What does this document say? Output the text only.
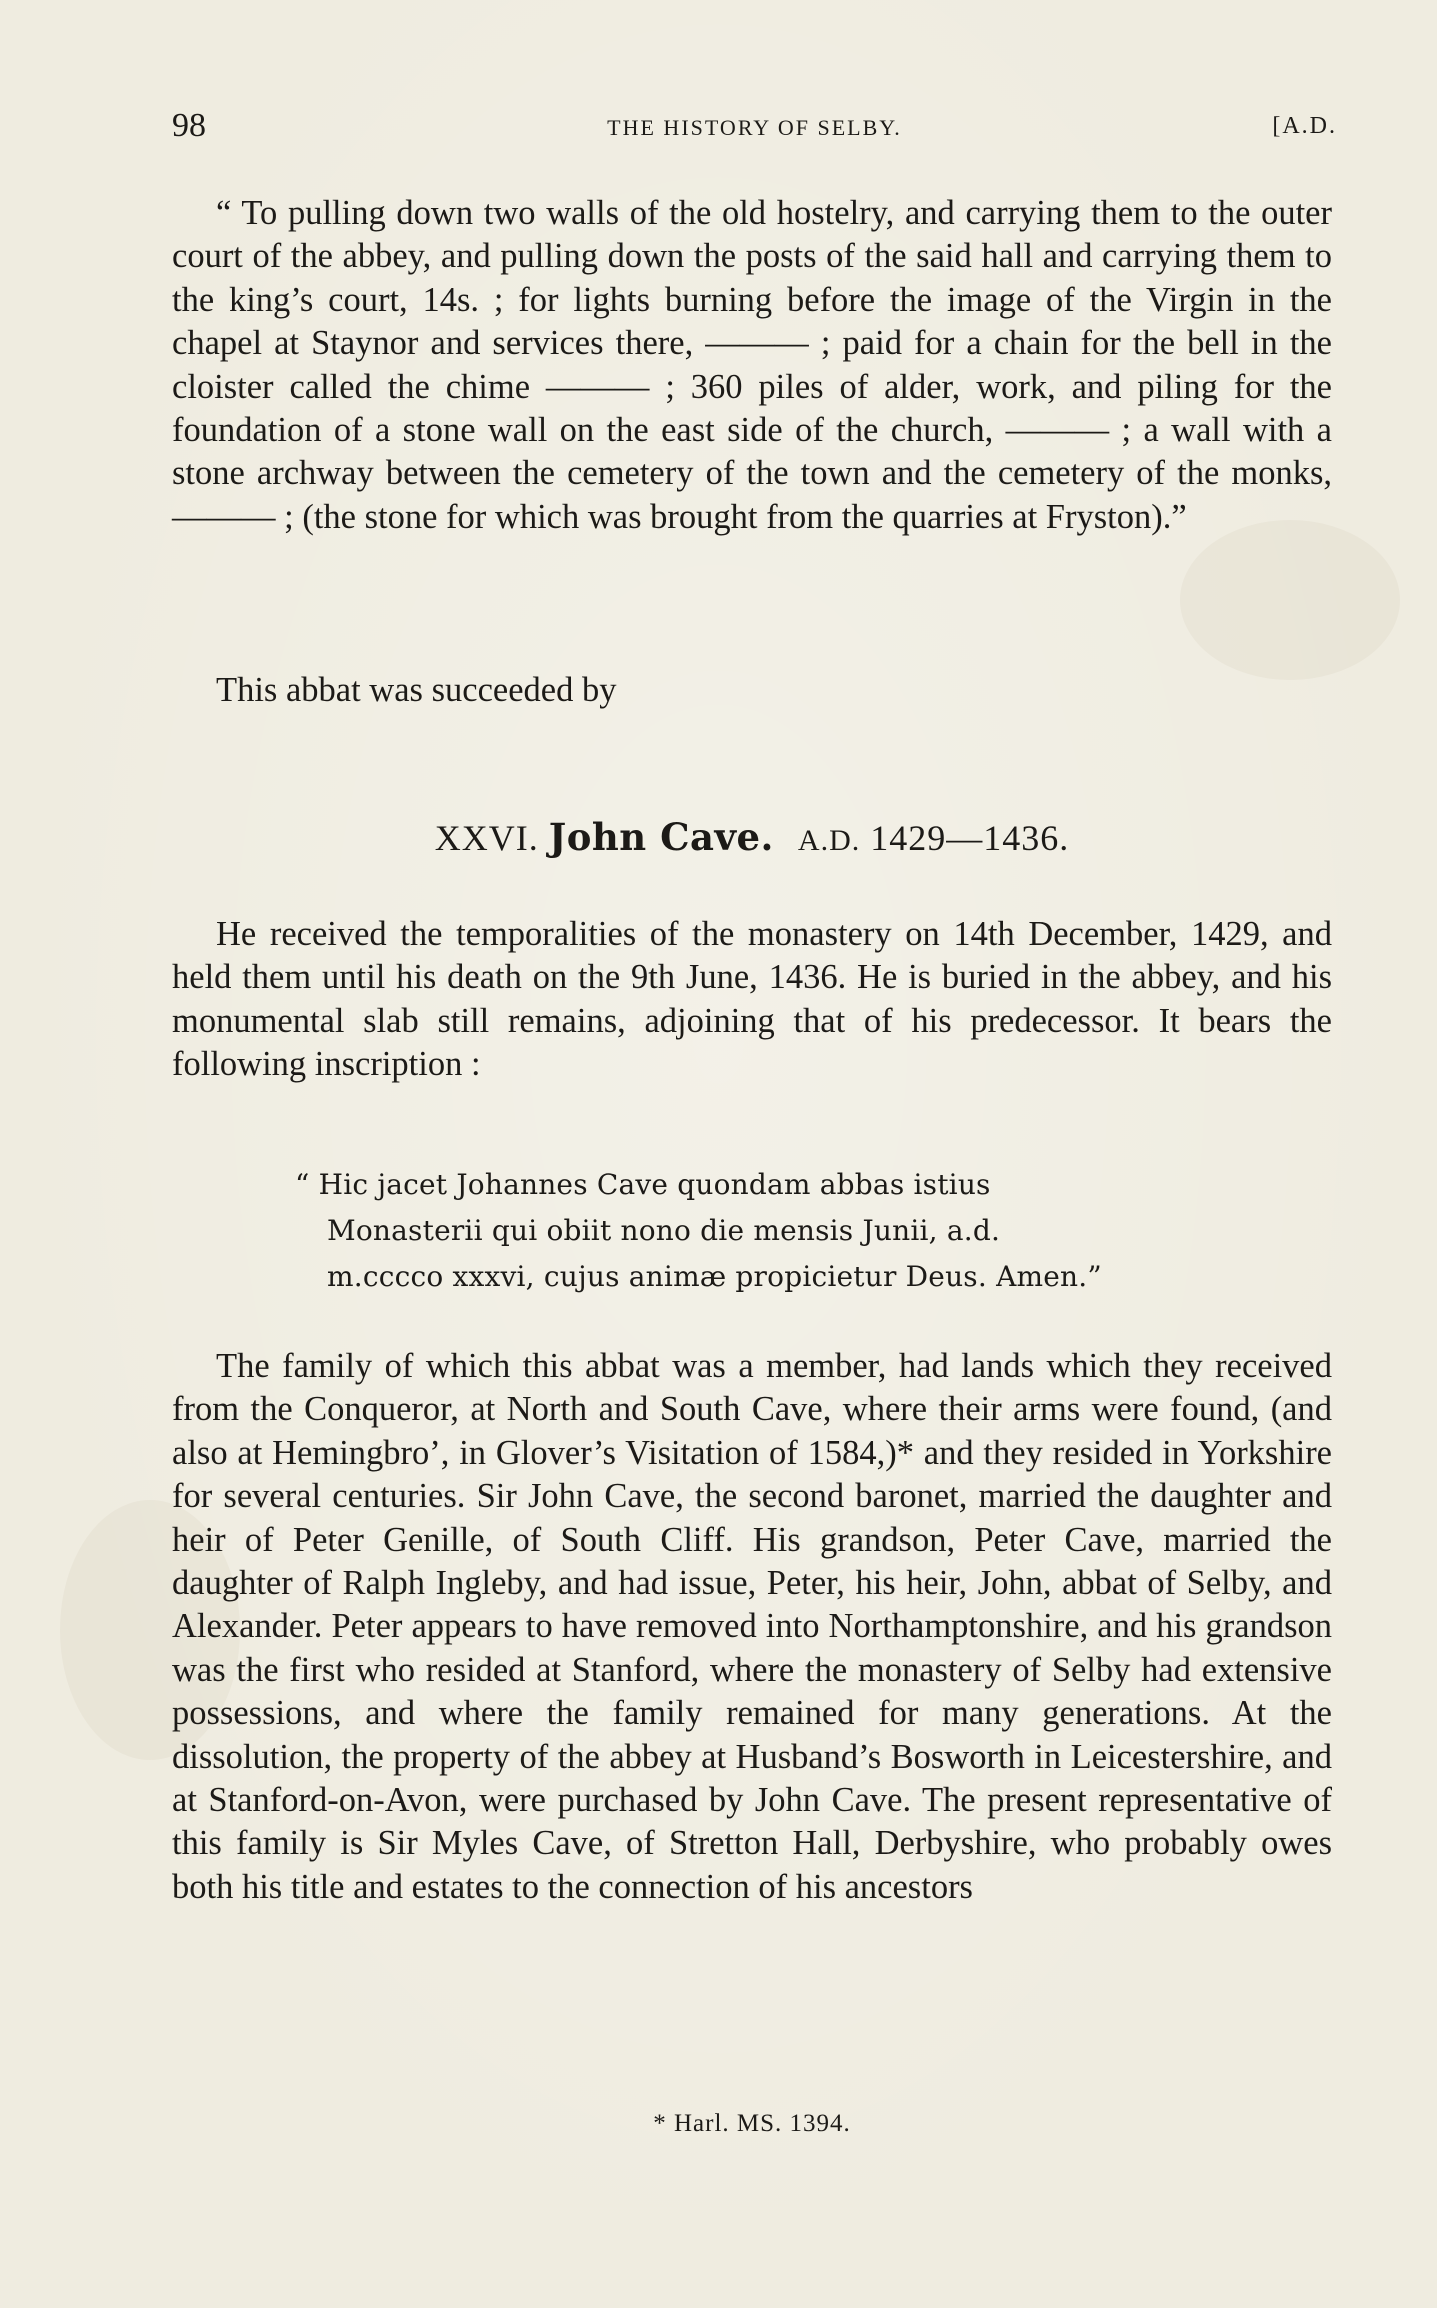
98	THE HISTORY OF SELBY.	[A.D.

“ To pulling down two walls of the old hostelry, and carrying them to the outer court of the abbey, and pulling down the posts of the said hall and carrying them to the king’s court, 14s. ; for lights burning before the image of the Virgin in the chapel at Staynor and services there, ——— ; paid for a chain for the bell in the cloister called the chime ——— ; 360 piles of alder, work, and piling for the foundation of a stone wall on the east side of the church, ——— ; a wall with a stone archway between the cemetery of the town and the cemetery of the monks, ——— ; (the stone for which was brought from the quarries at Fryston).”

This abbat was succeeded by

XXVI. John Cave. A.D. 1429—1436.

He received the temporalities of the monastery on 14th December, 1429, and held them until his death on the 9th June, 1436. He is buried in the abbey, and his monumental slab still remains, adjoining that of his predecessor. It bears the following inscription :

“ Hic jacet Johannes Cave quondam abbas istius
Monasterii qui obiit nono die mensis Junii, a.d.
m.cccco xxxvi, cujus animæ propicietur Deus. Amen.”

The family of which this abbat was a member, had lands which they received from the Conqueror, at North and South Cave, where their arms were found, (and also at Hemingbro’, in Glover’s Visitation of 1584,)* and they resided in Yorkshire for several centuries. Sir John Cave, the second baronet, married the daughter and heir of Peter Genille, of South Cliff. His grandson, Peter Cave, married the daughter of Ralph Ingleby, and had issue, Peter, his heir, John, abbat of Selby, and Alexander. Peter appears to have removed into Northamptonshire, and his grandson was the first who resided at Stanford, where the monastery of Selby had extensive possessions, and where the family remained for many generations. At the dissolution, the property of the abbey at Husband’s Bosworth in Leicestershire, and at Stanford-on-Avon, were purchased by John Cave. The present representative of this family is Sir Myles Cave, of Stretton Hall, Derbyshire, who probably owes both his title and estates to the connection of his ancestors

* Harl. MS. 1394.
